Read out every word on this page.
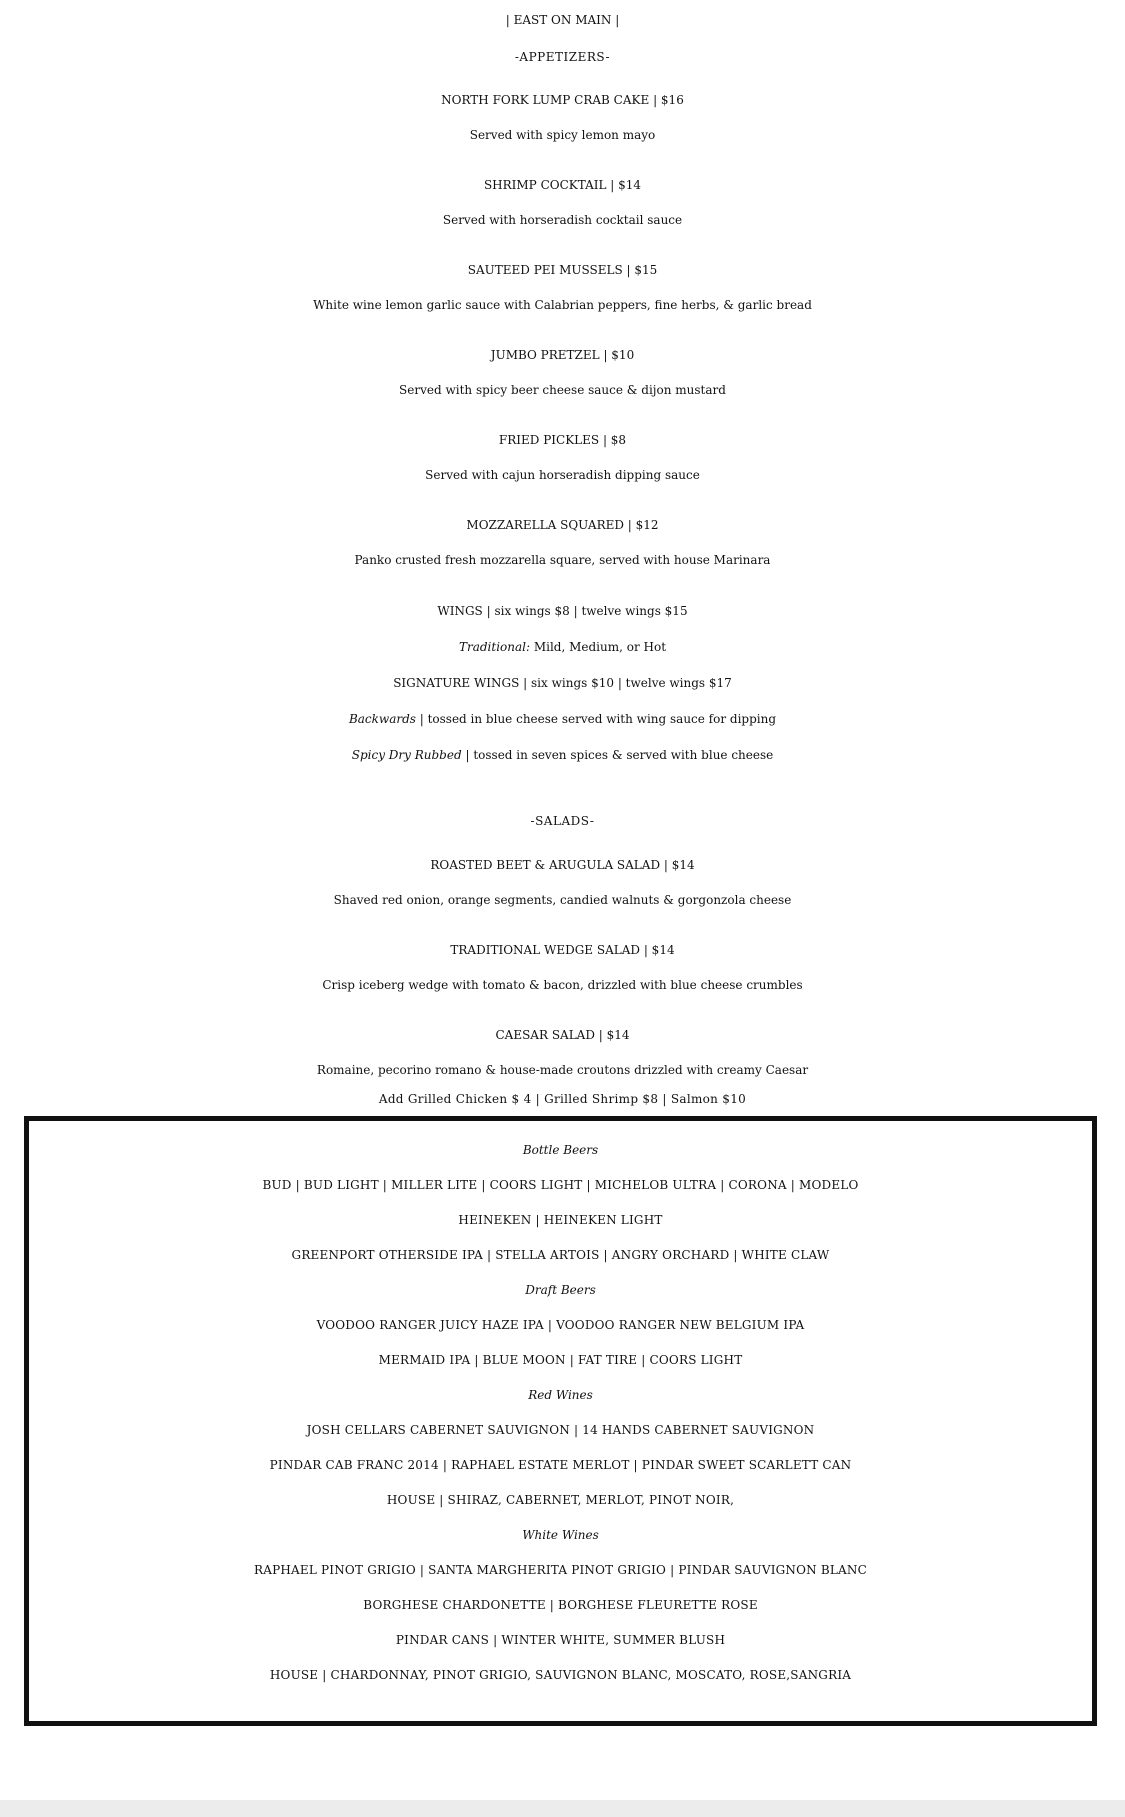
| EAST ON MAIN |
-APPETIZERS-
NORTH FORK LUMP CRAB CAKE | $16
Served with spicy lemon mayo
SHRIMP COCKTAIL | $14
Served with horseradish cocktail sauce
SAUTEED PEI MUSSELS | $15
White wine lemon garlic sauce with Calabrian peppers, fine herbs, & garlic bread
JUMBO PRETZEL | $10
Served with spicy beer cheese sauce & dijon mustard
FRIED PICKLES | $8
Served with cajun horseradish dipping sauce
MOZZARELLA SQUARED | $12
Panko crusted fresh mozzarella square, served with house Marinara
WINGS | six wings $8 | twelve wings $15
Traditional: Mild, Medium, or Hot
SIGNATURE WINGS | six wings $10 | twelve wings $17
Backwards | tossed in blue cheese served with wing sauce for dipping
Spicy Dry Rubbed | tossed in seven spices & served with blue cheese
-SALADS-
ROASTED BEET & ARUGULA SALAD | $14
Shaved red onion, orange segments, candied walnuts & gorgonzola cheese
TRADITIONAL WEDGE SALAD | $14
Crisp iceberg wedge with tomato & bacon, drizzled with blue cheese crumbles
CAESAR SALAD | $14
Romaine, pecorino romano & house-made croutons drizzled with creamy Caesar
Add Grilled Chicken $ 4 | Grilled Shrimp $8 | Salmon $10
Bottle Beers
BUD | BUD LIGHT | MILLER LITE | COORS LIGHT | MICHELOB ULTRA | CORONA | MODELO
HEINEKEN | HEINEKEN LIGHT
GREENPORT OTHERSIDE IPA | STELLA ARTOIS | ANGRY ORCHARD | WHITE CLAW
Draft Beers
VOODOO RANGER JUICY HAZE IPA | VOODOO RANGER NEW BELGIUM IPA
MERMAID IPA | BLUE MOON | FAT TIRE | COORS LIGHT
Red Wines
JOSH CELLARS CABERNET SAUVIGNON | 14 HANDS CABERNET SAUVIGNON
PINDAR CAB FRANC 2014 | RAPHAEL ESTATE MERLOT | PINDAR SWEET SCARLETT CAN
HOUSE | SHIRAZ, CABERNET, MERLOT, PINOT NOIR,
White Wines
RAPHAEL PINOT GRIGIO | SANTA MARGHERITA PINOT GRIGIO | PINDAR SAUVIGNON BLANC
BORGHESE CHARDONETTE | BORGHESE FLEURETTE ROSE
PINDAR CANS | WINTER WHITE, SUMMER BLUSH
HOUSE | CHARDONNAY, PINOT GRIGIO, SAUVIGNON BLANC, MOSCATO, ROSE,SANGRIA
